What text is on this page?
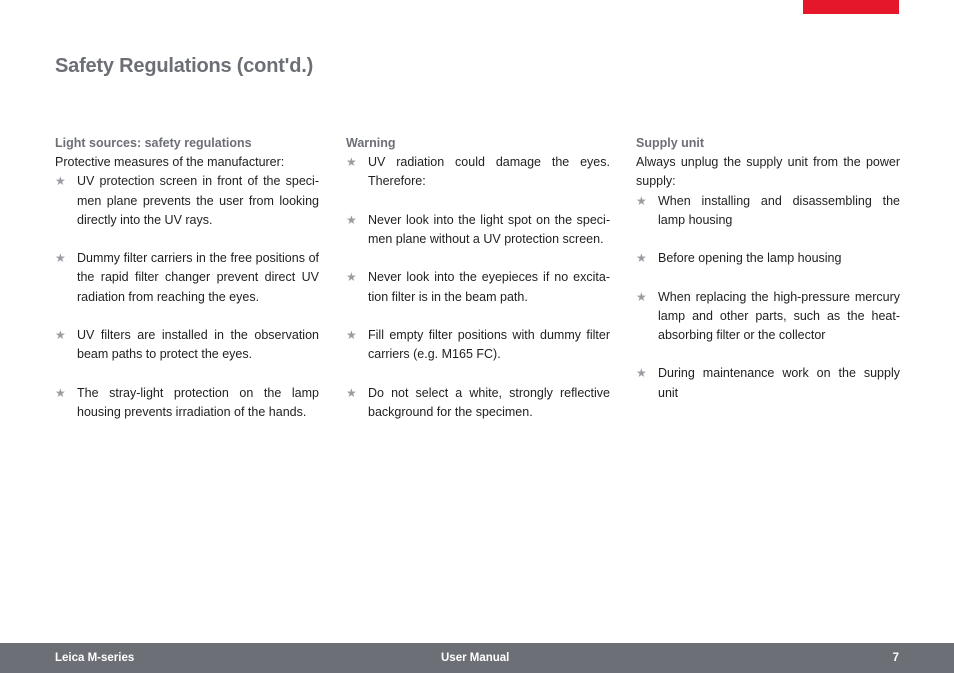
Safety Regulations (cont'd.)
Light sources: safety regulations
Protective measures of the manufacturer:
★ UV protection screen in front of the speci-men plane prevents the user from looking directly into the UV rays.
★ Dummy filter carriers in the free positions of the rapid filter changer prevent direct UV radiation from reaching the eyes.
★ UV filters are installed in the observation beam paths to protect the eyes.
★ The stray-light protection on the lamp housing prevents irradiation of the hands.
Warning
★ UV radiation could damage the eyes. Therefore:
★ Never look into the light spot on the speci-men plane without a UV protection screen.
★ Never look into the eyepieces if no excita-tion filter is in the beam path.
★ Fill empty filter positions with dummy filter carriers (e.g. M165 FC).
★ Do not select a white, strongly reflective background for the specimen.
Supply unit
Always unplug the supply unit from the power supply:
★ When installing and disassembling the lamp housing
★ Before opening the lamp housing
★ When replacing the high-pressure mercury lamp and other parts, such as the heat-absorbing filter or the collector
★ During maintenance work on the supply unit
Leica M-series	User Manual	7
